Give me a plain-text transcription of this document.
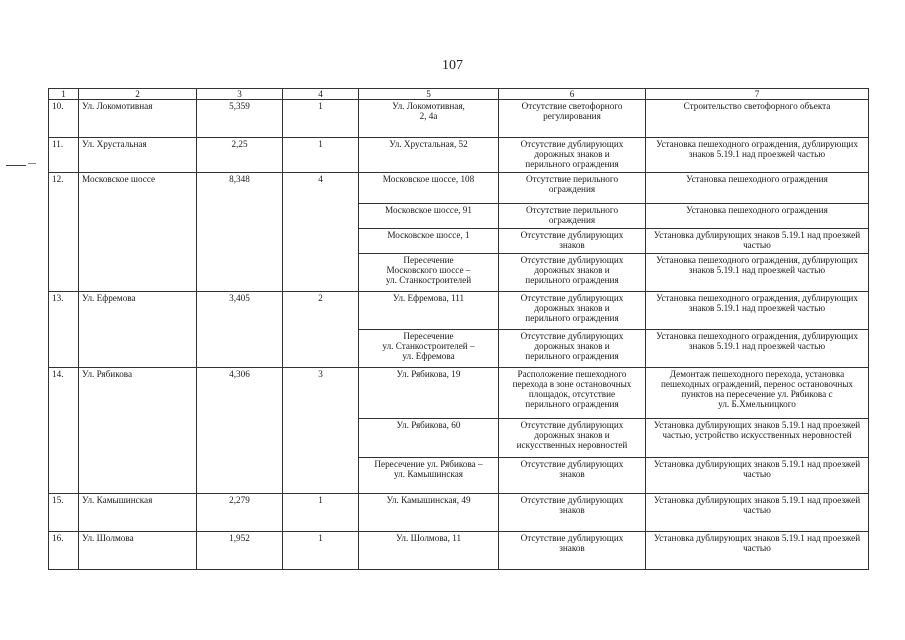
107
1	2	3	4	5	6	7
10.	Ул. Локомотивная	5,359	1	Ул. Локомотивная,
2, 4а	Отсутствие светофорного
регулирования	Строительство светофорного объекта

11.	Ул. Хрустальная	2,25	1	Ул. Хрустальная, 52	Отсутствие дублирующих
дорожных знаков и
перильного ограждения	Установка пешеходного ограждения, дублирующих
знаков 5.19.1 над проезжей частью

12.	Московское шоссе	8,348	4	Московское шоссе, 108	Отсутствие перильного
ограждения	Установка пешеходного ограждения

				Московское шоссе, 91	Отсутствие перильного
ограждения	Установка пешеходного ограждения

				Московское шоссе, 1	Отсутствие дублирующих
знаков	Установка дублирующих знаков 5.19.1 над проезжей
частью

				Пересечение
Московского шоссе –
ул. Станкостроителей	Отсутствие дублирующих
дорожных знаков и
перильного ограждения	Установка пешеходного ограждения, дублирующих
знаков 5.19.1 над проезжей частью

13.	Ул. Ефремова	3,405	2	Ул. Ефремова, 111	Отсутствие дублирующих
дорожных знаков и
перильного ограждения	Установка пешеходного ограждения, дублирующих
знаков 5.19.1 над проезжей частью

				Пересечение
ул. Станкостроителей –
ул. Ефремова	Отсутствие дублирующих
дорожных знаков и
перильного ограждения	Установка пешеходного ограждения, дублирующих
знаков 5.19.1 над проезжей частью

14.	Ул. Рябикова	4,306	3	Ул. Рябикова, 19	Расположение пешеходного
перехода в зоне остановочных
площадок, отсутствие
перильного ограждения	Демонтаж пешеходного перехода, установка
пешеходных ограждений, перенос остановочных
пунктов на пересечение ул. Рябикова с
ул. Б.Хмельницкого

				Ул. Рябикова, 60	Отсутствие дублирующих
дорожных знаков и
искусственных неровностей	Установка дублирующих знаков 5.19.1 над проезжей
частью, устройство искусственных неровностей

				Пересечение ул. Рябикова –
ул. Камышинская	Отсутствие дублирующих
знаков	Установка дублирующих знаков 5.19.1 над проезжей
частью

15.	Ул. Камышинская	2,279	1	Ул. Камышинская, 49	Отсутствие дублирующих
знаков	Установка дублирующих знаков 5.19.1 над проезжей
частью

16.	Ул. Шолмова	1,952	1	Ул. Шолмова, 11	Отсутствие дублирующих
знаков	Установка дублирующих знаков 5.19.1 над проезжей
частью
